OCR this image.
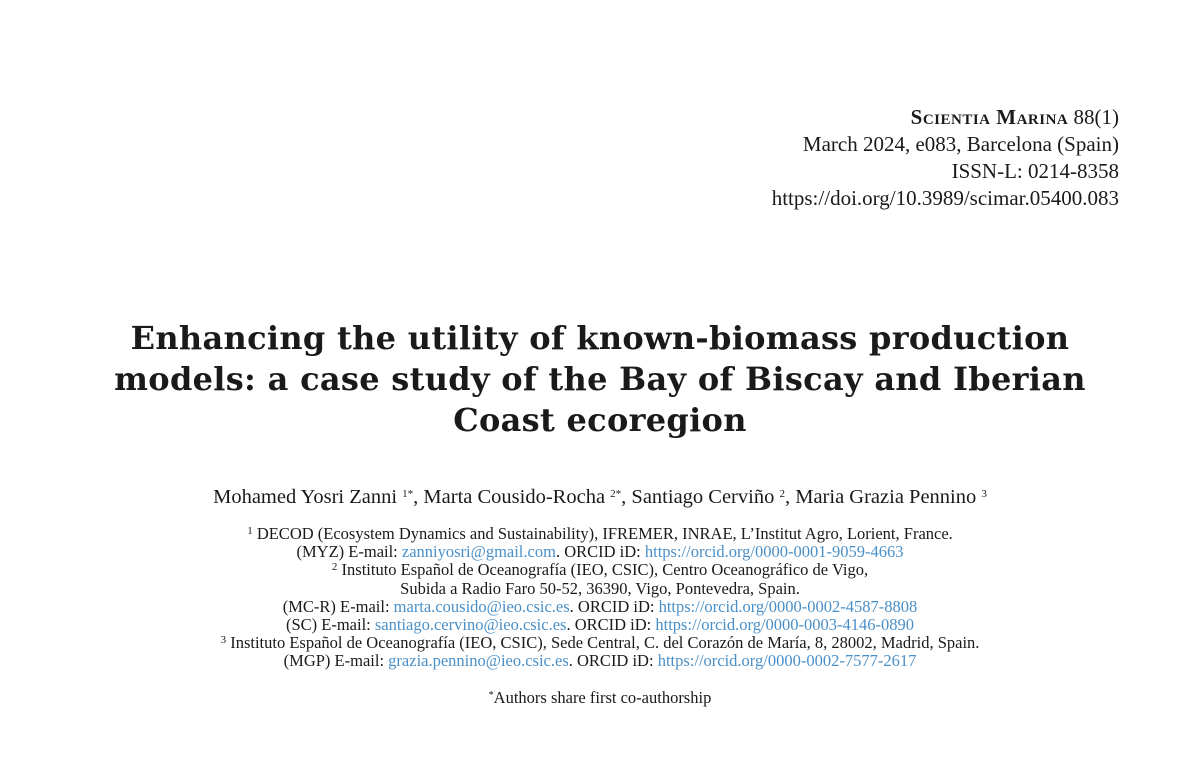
Scientia Marina 88(1)
March 2024, e083, Barcelona (Spain)
ISSN-L: 0214-8358
https://doi.org/10.3989/scimar.05400.083
Enhancing the utility of known-biomass production
models: a case study of the Bay of Biscay and Iberian
Coast ecoregion
Mohamed Yosri Zanni $^{1*}$, Marta Cousido-Rocha $^{2*}$, Santiago Cerviño $^2$, Maria Grazia Pennino $^3$
$^1$ DECOD (Ecosystem Dynamics and Sustainability), IFREMER, INRAE, L’Institut Agro, Lorient, France.
(MYZ) E-mail: zanniyosri@gmail.com. ORCID iD: https://orcid.org/0000-0001-9059-4663
$^2$ Instituto Español de Oceanografía (IEO, CSIC), Centro Oceanográfico de Vigo,
Subida a Radio Faro 50-52, 36390, Vigo, Pontevedra, Spain.
(MC-R) E-mail: marta.cousido@ieo.csic.es. ORCID iD: https://orcid.org/0000-0002-4587-8808
(SC) E-mail: santiago.cervino@ieo.csic.es. ORCID iD: https://orcid.org/0000-0003-4146-0890
$^3$ Instituto Español de Oceanografía (IEO, CSIC), Sede Central, C. del Corazón de María, 8, 28002, Madrid, Spain.
(MGP) E-mail: grazia.pennino@ieo.csic.es. ORCID iD: https://orcid.org/0000-0002-7577-2617
*Authors share first co-authorship
